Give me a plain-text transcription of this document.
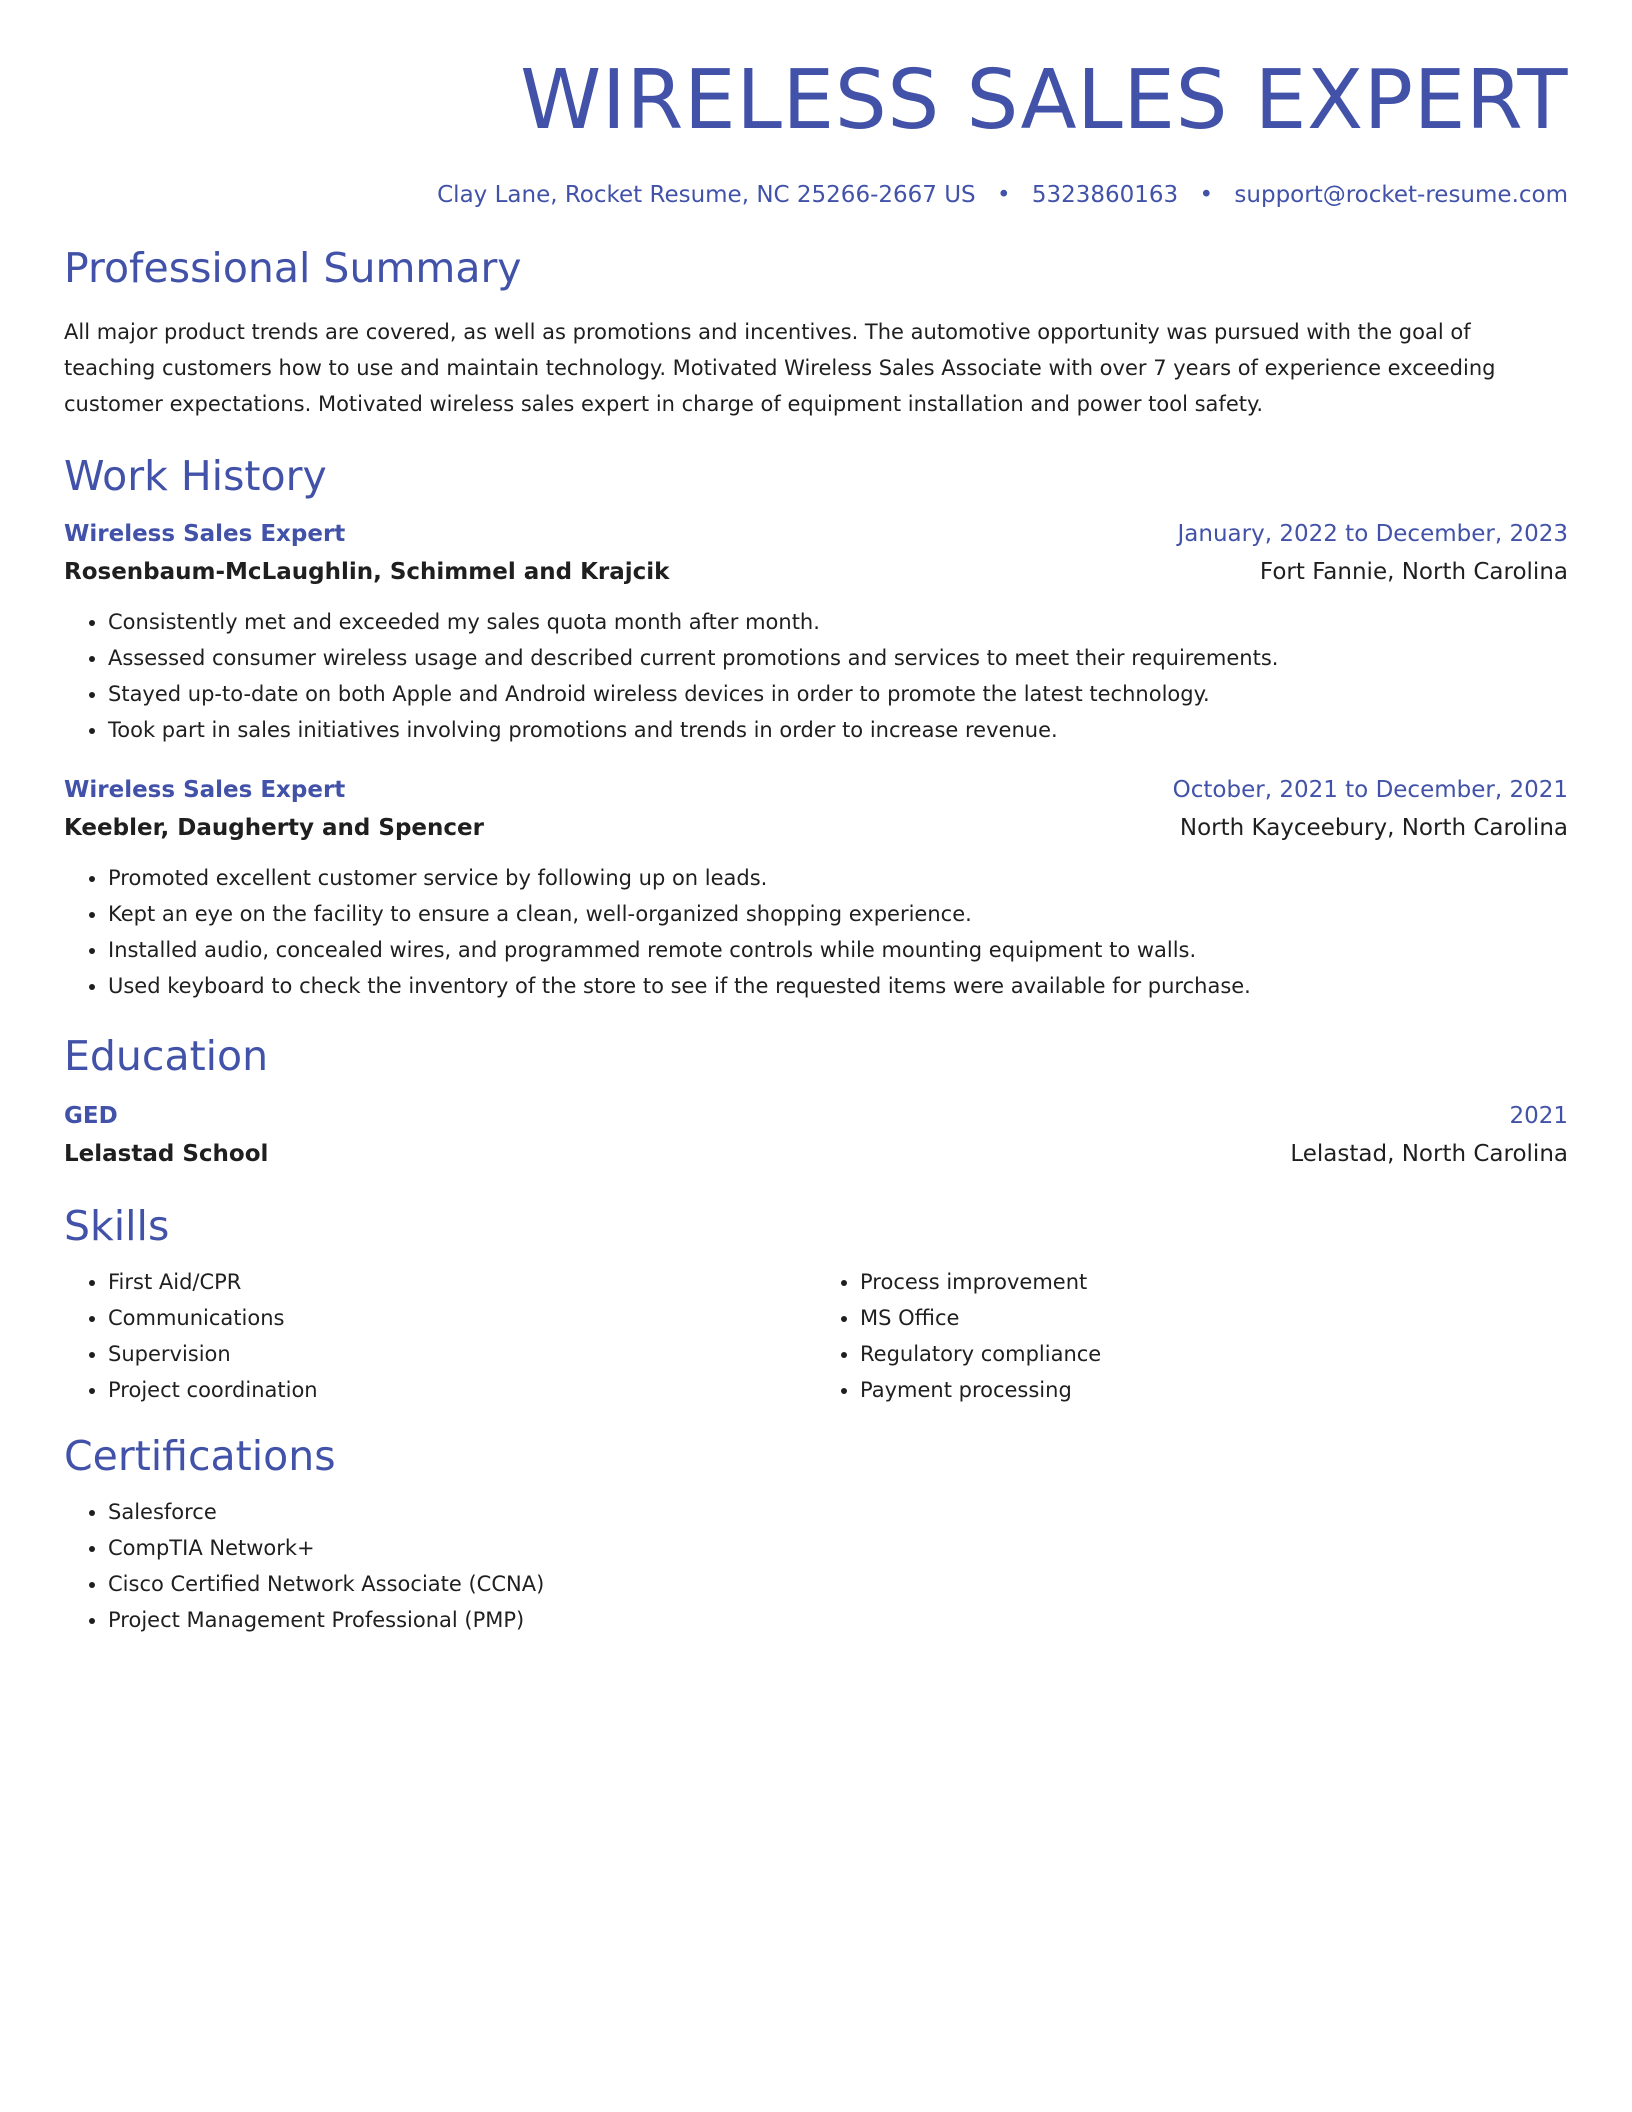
WIRELESS SALES EXPERT
Clay Lane, Rocket Resume, NC 25266-2667 US • 5323860163 • support@rocket-resume.com
Professional Summary

All major product trends are covered, as well as promotions and incentives. The automotive opportunity was pursued with the goal of teaching customers how to use and maintain technology. Motivated Wireless Sales Associate with over 7 years of experience exceeding customer expectations. Motivated wireless sales expert in charge of equipment installation and power tool safety.

Work History
Wireless Sales Expert	January, 2022 to December, 2023
Rosenbaum-McLaughlin, Schimmel and Krajcik	Fort Fannie, North Carolina
• Consistently met and exceeded my sales quota month after month.
• Assessed consumer wireless usage and described current promotions and services to meet their requirements.
• Stayed up-to-date on both Apple and Android wireless devices in order to promote the latest technology.
• Took part in sales initiatives involving promotions and trends in order to increase revenue.
Wireless Sales Expert	October, 2021 to December, 2021
Keebler, Daugherty and Spencer	North Kayceebury, North Carolina
• Promoted excellent customer service by following up on leads.
• Kept an eye on the facility to ensure a clean, well-organized shopping experience.
• Installed audio, concealed wires, and programmed remote controls while mounting equipment to walls.
• Used keyboard to check the inventory of the store to see if the requested items were available for purchase.
Education
GED	2021
Lelastad School	Lelastad, North Carolina
Skills
• First Aid/CPR
• Communications
• Supervision
• Project coordination
• Process improvement
• MS Office
• Regulatory compliance
• Payment processing
Certifications
• Salesforce
• CompTIA Network+
• Cisco Certified Network Associate (CCNA)
• Project Management Professional (PMP)
